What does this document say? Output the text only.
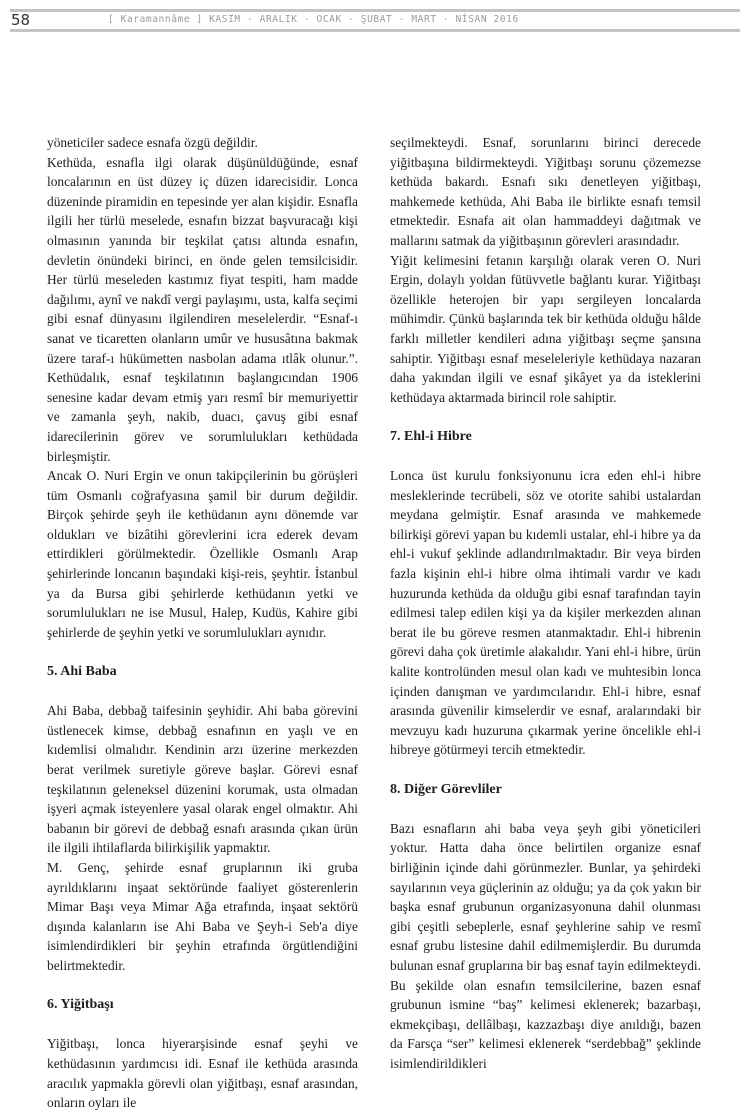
58	[ Karamannâme ] KASIM - ARALIK - OCAK - ŞUBAT - MART - NİSAN 2016

yöneticiler sadece esnafa özgü değildir.

Kethüda, esnafla ilgi olarak düşünüldüğünde, esnaf loncalarının en üst düzey iç düzen idarecisidir. Lonca düzeninde piramidin en tepesinde yer alan kişidir. Esnafla ilgili her türlü meselede, esnafın bizzat başvuracağı kişi olmasının yanında bir teşkilat çatısı altında esnafın, devletin önündeki birinci, en önde gelen temsilcisidir. Her türlü meseleden kastımız fiyat tespiti, ham madde dağılımı, aynî ve nakdî vergi paylaşımı, usta, kalfa seçimi gibi esnaf dünyasını ilgilendiren meselelerdir. “Esnaf-ı sanat ve ticaretten olanların umûr ve hususâtına bakmak üzere taraf-ı hükümetten nasbolan adama ıtlâk olunur.”. Kethüdalık, esnaf teşkilatının başlangıcından 1906 senesine kadar devam etmiş yarı resmî bir memuriyettir ve zamanla şeyh, nakib, duacı, çavuş gibi esnaf idarecilerinin görev ve sorumlulukları kethüdada birleşmiştir.

Ancak O. Nuri Ergin ve onun takipçilerinin bu görüşleri tüm Osmanlı coğrafyasına şamil bir durum değildir. Birçok şehirde şeyh ile kethüdanın aynı dönemde var oldukları ve bizâtihi görevlerini icra ederek devam ettirdikleri görülmektedir. Özellikle Osmanlı Arap şehirlerinde loncanın başındaki kişi-reis, şeyhtir. İstanbul ya da Bursa gibi şehirlerde kethüdanın yetki ve sorumlulukları ne ise Musul, Halep, Kudüs, Kahire gibi şehirlerde de şeyhin yetki ve sorumlulukları aynıdır.

5. Ahi Baba

Ahi Baba, debbağ taifesinin şeyhidir. Ahi baba görevini üstlenecek kimse, debbağ esnafının en yaşlı ve en kıdemlisi olmalıdır. Kendinin arzı üzerine merkezden berat verilmek suretiyle göreve başlar. Görevi esnaf teşkilatının geleneksel düzenini korumak, usta olmadan işyeri açmak isteyenlere yasal olarak engel olmaktır. Ahi babanın bir görevi de debbağ esnafı arasında çıkan ürün ile ilgili ihtilaflarda bilirkişilik yapmaktır.

M. Genç, şehirde esnaf gruplarının iki gruba ayrıldıklarını inşaat sektöründe faaliyet gösterenlerin Mimar Başı veya Mimar Ağa etrafında, inşaat sektörü dışında kalanların ise Ahi Baba ve Şeyh-i Seb'a diye isimlendirdikleri bir şeyhin etrafında örgütlendiğini belirtmektedir.

6. Yiğitbaşı

Yiğitbaşı, lonca hiyerarşisinde esnaf şeyhi ve kethüdasının yardımcısı idi. Esnaf ile kethüda arasında aracılık yapmakla görevli olan yiğitbaşı, esnaf arasından, onların oyları ile

seçilmekteydi. Esnaf, sorunlarını birinci derecede yiğitbaşına bildirmekteydi. Yiğitbaşı sorunu çözemezse kethüda bakardı. Esnafı sıkı denetleyen yiğitbaşı, mahkemede kethüda, Ahi Baba ile birlikte esnafı temsil etmektedir. Esnafa ait olan hammaddeyi dağıtmak ve mallarını satmak da yiğitbaşının görevleri arasındadır.

Yiğit kelimesini fetanın karşılığı olarak veren O. Nuri Ergin, dolaylı yoldan fütüvvetle bağlantı kurar. Yiğitbaşı özellikle heterojen bir yapı sergileyen loncalarda mühimdir. Çünkü başlarında tek bir kethüda olduğu hâlde farklı milletler kendileri adına yiğitbaşı seçme şansına sahiptir. Yiğitbaşı esnaf meseleleriyle kethüdaya nazaran daha yakından ilgili ve esnaf şikâyet ya da isteklerini kethüdaya aktarmada birincil role sahiptir.

7. Ehl-i Hibre

Lonca üst kurulu fonksiyonunu icra eden ehl-i hibre mesleklerinde tecrübeli, söz ve otorite sahibi ustalardan meydana gelmiştir. Esnaf arasında ve mahkemede bilirkişi görevi yapan bu kıdemli ustalar, ehl-i hibre ya da ehl-i vukuf şeklinde adlandırılmaktadır. Bir veya birden fazla kişinin ehl-i hibre olma ihtimali vardır ve kadı huzurunda kethüda da olduğu gibi esnaf tarafından tayin edilmesi talep edilen kişi ya da kişiler merkezden alınan berat ile bu göreve resmen atanmaktadır. Ehl-i hibrenin görevi daha çok üretimle alakalıdır. Yani ehl-i hibre, ürün kalite kontrolünden mesul olan kadı ve muhtesibin lonca içinden danışman ve yardımcılarıdır. Ehl-i hibre, esnaf arasında güvenilir kimselerdir ve esnaf, aralarındaki bir mevzuyu kadı huzuruna çıkarmak yerine öncelikle ehl-i hibreye götürmeyi tercih etmektedir.

8. Diğer Görevliler

Bazı esnafların ahi baba veya şeyh gibi yöneticileri yoktur. Hatta daha önce belirtilen organize esnaf birliğinin içinde dahi görünmezler. Bunlar, ya şehirdeki sayılarının veya güçlerinin az olduğu; ya da çok yakın bir başka esnaf grubunun organizasyonuna dahil olunması gibi çeşitli sebeplerle, esnaf şeyhlerine sahip ve resmî esnaf grubu listesine dahil edilmemişlerdir. Bu durumda bulunan esnaf gruplarına bir baş esnaf tayin edilmekteydi. Bu şekilde olan esnafın temsilcilerine, bazen esnaf grubunun ismine “baş” kelimesi eklenerek; bazarbaşı, ekmekçibaşı, dellâlbaşı, kazzazbaşı diye anıldığı, bazen da Farsça “ser” kelimesi eklenerek “serdebbağ” şeklinde isimlendirildikleri
